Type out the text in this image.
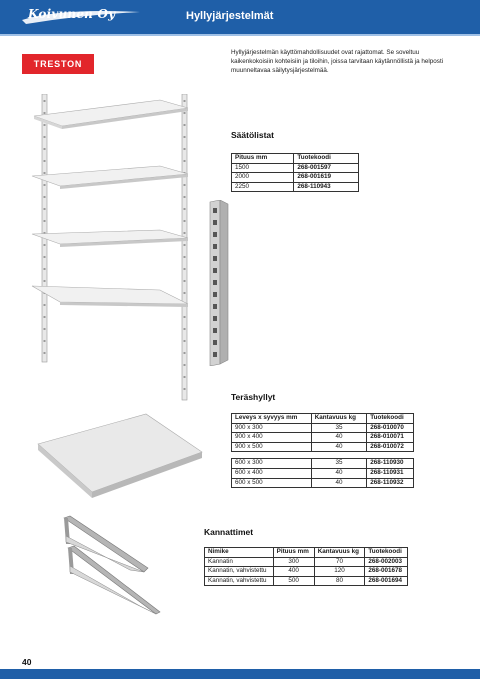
Koivunen Oy	Hyllyjärjestelmät
TRESTON

Hyllyjärjestelmän käyttömahdollisuudet ovat rajattomat. Se soveltuu kaikenkokoisiin kohteisiin ja tiloihin, joissa tarvitaan käytännöllistä ja helposti muunneltavaa säilytysjärjestelmää.

Säätölistat
Pituus mm	Tuotekoodi
1500	268-001597
2000	268-001619
2250	268-110943
Teräshyllyt
Leveys x syvyys mm	Kantavuus kg	Tuotekoodi
900 x 300	35	268-010070
900 x 400	40	268-010071
900 x 500	40	268-010072

600 x 300	35	268-110930
600 x 400	40	268-110931
600 x 500	40	268-110932
Kannattimet
Nimike	Pituus mm	Kantavuus kg	Tuotekoodi
Kannatin	300	70	268-002003
Kannatin, vahvistettu	400	120	268-001678
Kannatin, vahvistettu	500	80	268-001694
40
